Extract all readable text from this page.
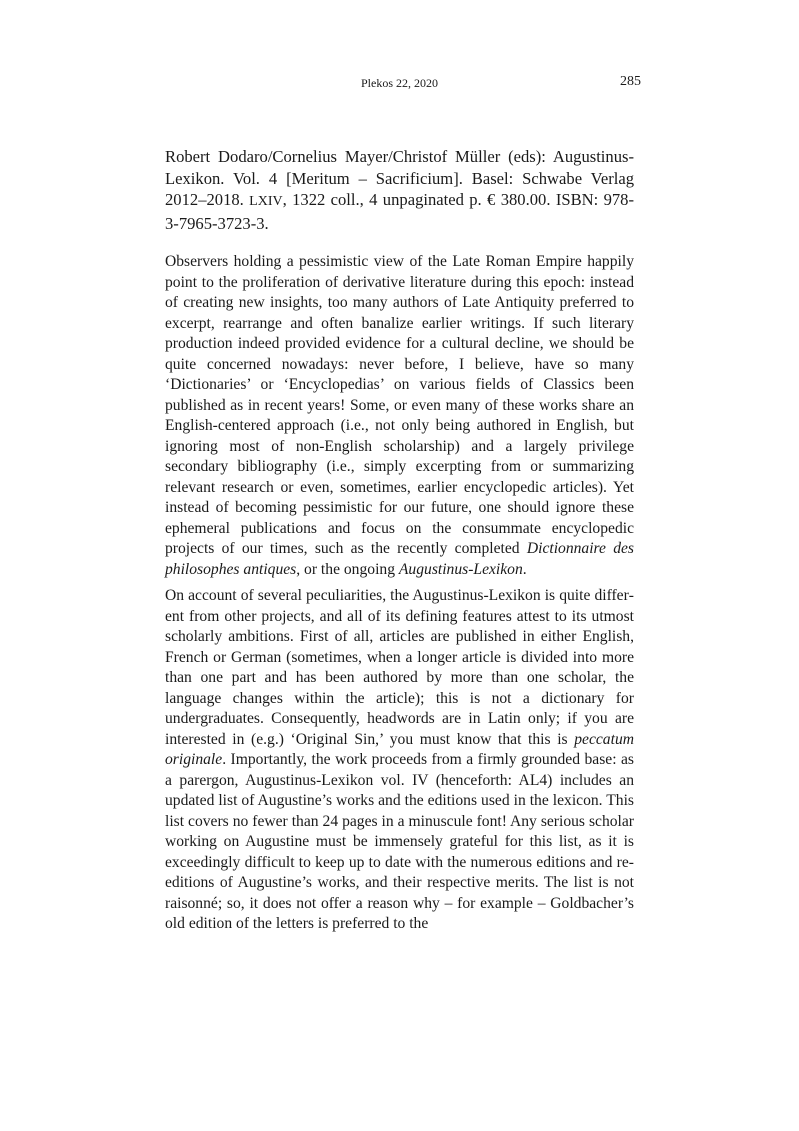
Plekos 22, 2020	285

Robert Dodaro/Cornelius Mayer/Christof Müller (eds): Augustinus-Lexikon. Vol. 4 [Meritum – Sacrificium]. Basel: Schwabe Verlag 2012–2018. LXIV, 1322 coll., 4 unpaginated p. € 380.00. ISBN: 978-3-7965-3723-3.

Observers holding a pessimistic view of the Late Roman Empire happily point to the proliferation of derivative literature during this epoch: instead of creating new insights, too many authors of Late Antiquity preferred to excerpt, rearrange and often banalize earlier writings. If such literary production indeed provided evidence for a cultural decline, we should be quite concerned nowadays: never before, I believe, have so many ‘Dictionaries’ or ‘Encyclopedias’ on various fields of Classics been published as in recent years! Some, or even many of these works share an English-centered approach (i.e., not only being authored in English, but ignoring most of non-English scholarship) and a largely privilege secondary bibliography (i.e., simply excerpting from or summarizing relevant research or even, sometimes, earlier encyclopedic articles). Yet instead of becoming pessimistic for our future, one should ignore these ephemeral publications and focus on the consummate encyclopedic projects of our times, such as the recently completed Dictionnaire des philosophes antiques, or the ongoing Augustinus-Lexikon.

On account of several peculiarities, the Augustinus-Lexikon is quite different from other projects, and all of its defining features attest to its utmost scholarly ambitions. First of all, articles are published in either English, French or German (sometimes, when a longer article is divided into more than one part and has been authored by more than one scholar, the language changes within the article); this is not a dictionary for undergraduates. Consequently, headwords are in Latin only; if you are interested in (e.g.) ‘Original Sin,’ you must know that this is peccatum originale. Importantly, the work proceeds from a firmly grounded base: as a parergon, Augustinus-Lexikon vol. IV (henceforth: AL4) includes an updated list of Augustine’s works and the editions used in the lexicon. This list covers no fewer than 24 pages in a minuscule font! Any serious scholar working on Augustine must be immensely grateful for this list, as it is exceedingly difficult to keep up to date with the numerous editions and re-editions of Augustine’s works, and their respective merits. The list is not raisonné; so, it does not offer a reason why – for example – Goldbacher’s old edition of the letters is preferred to the
